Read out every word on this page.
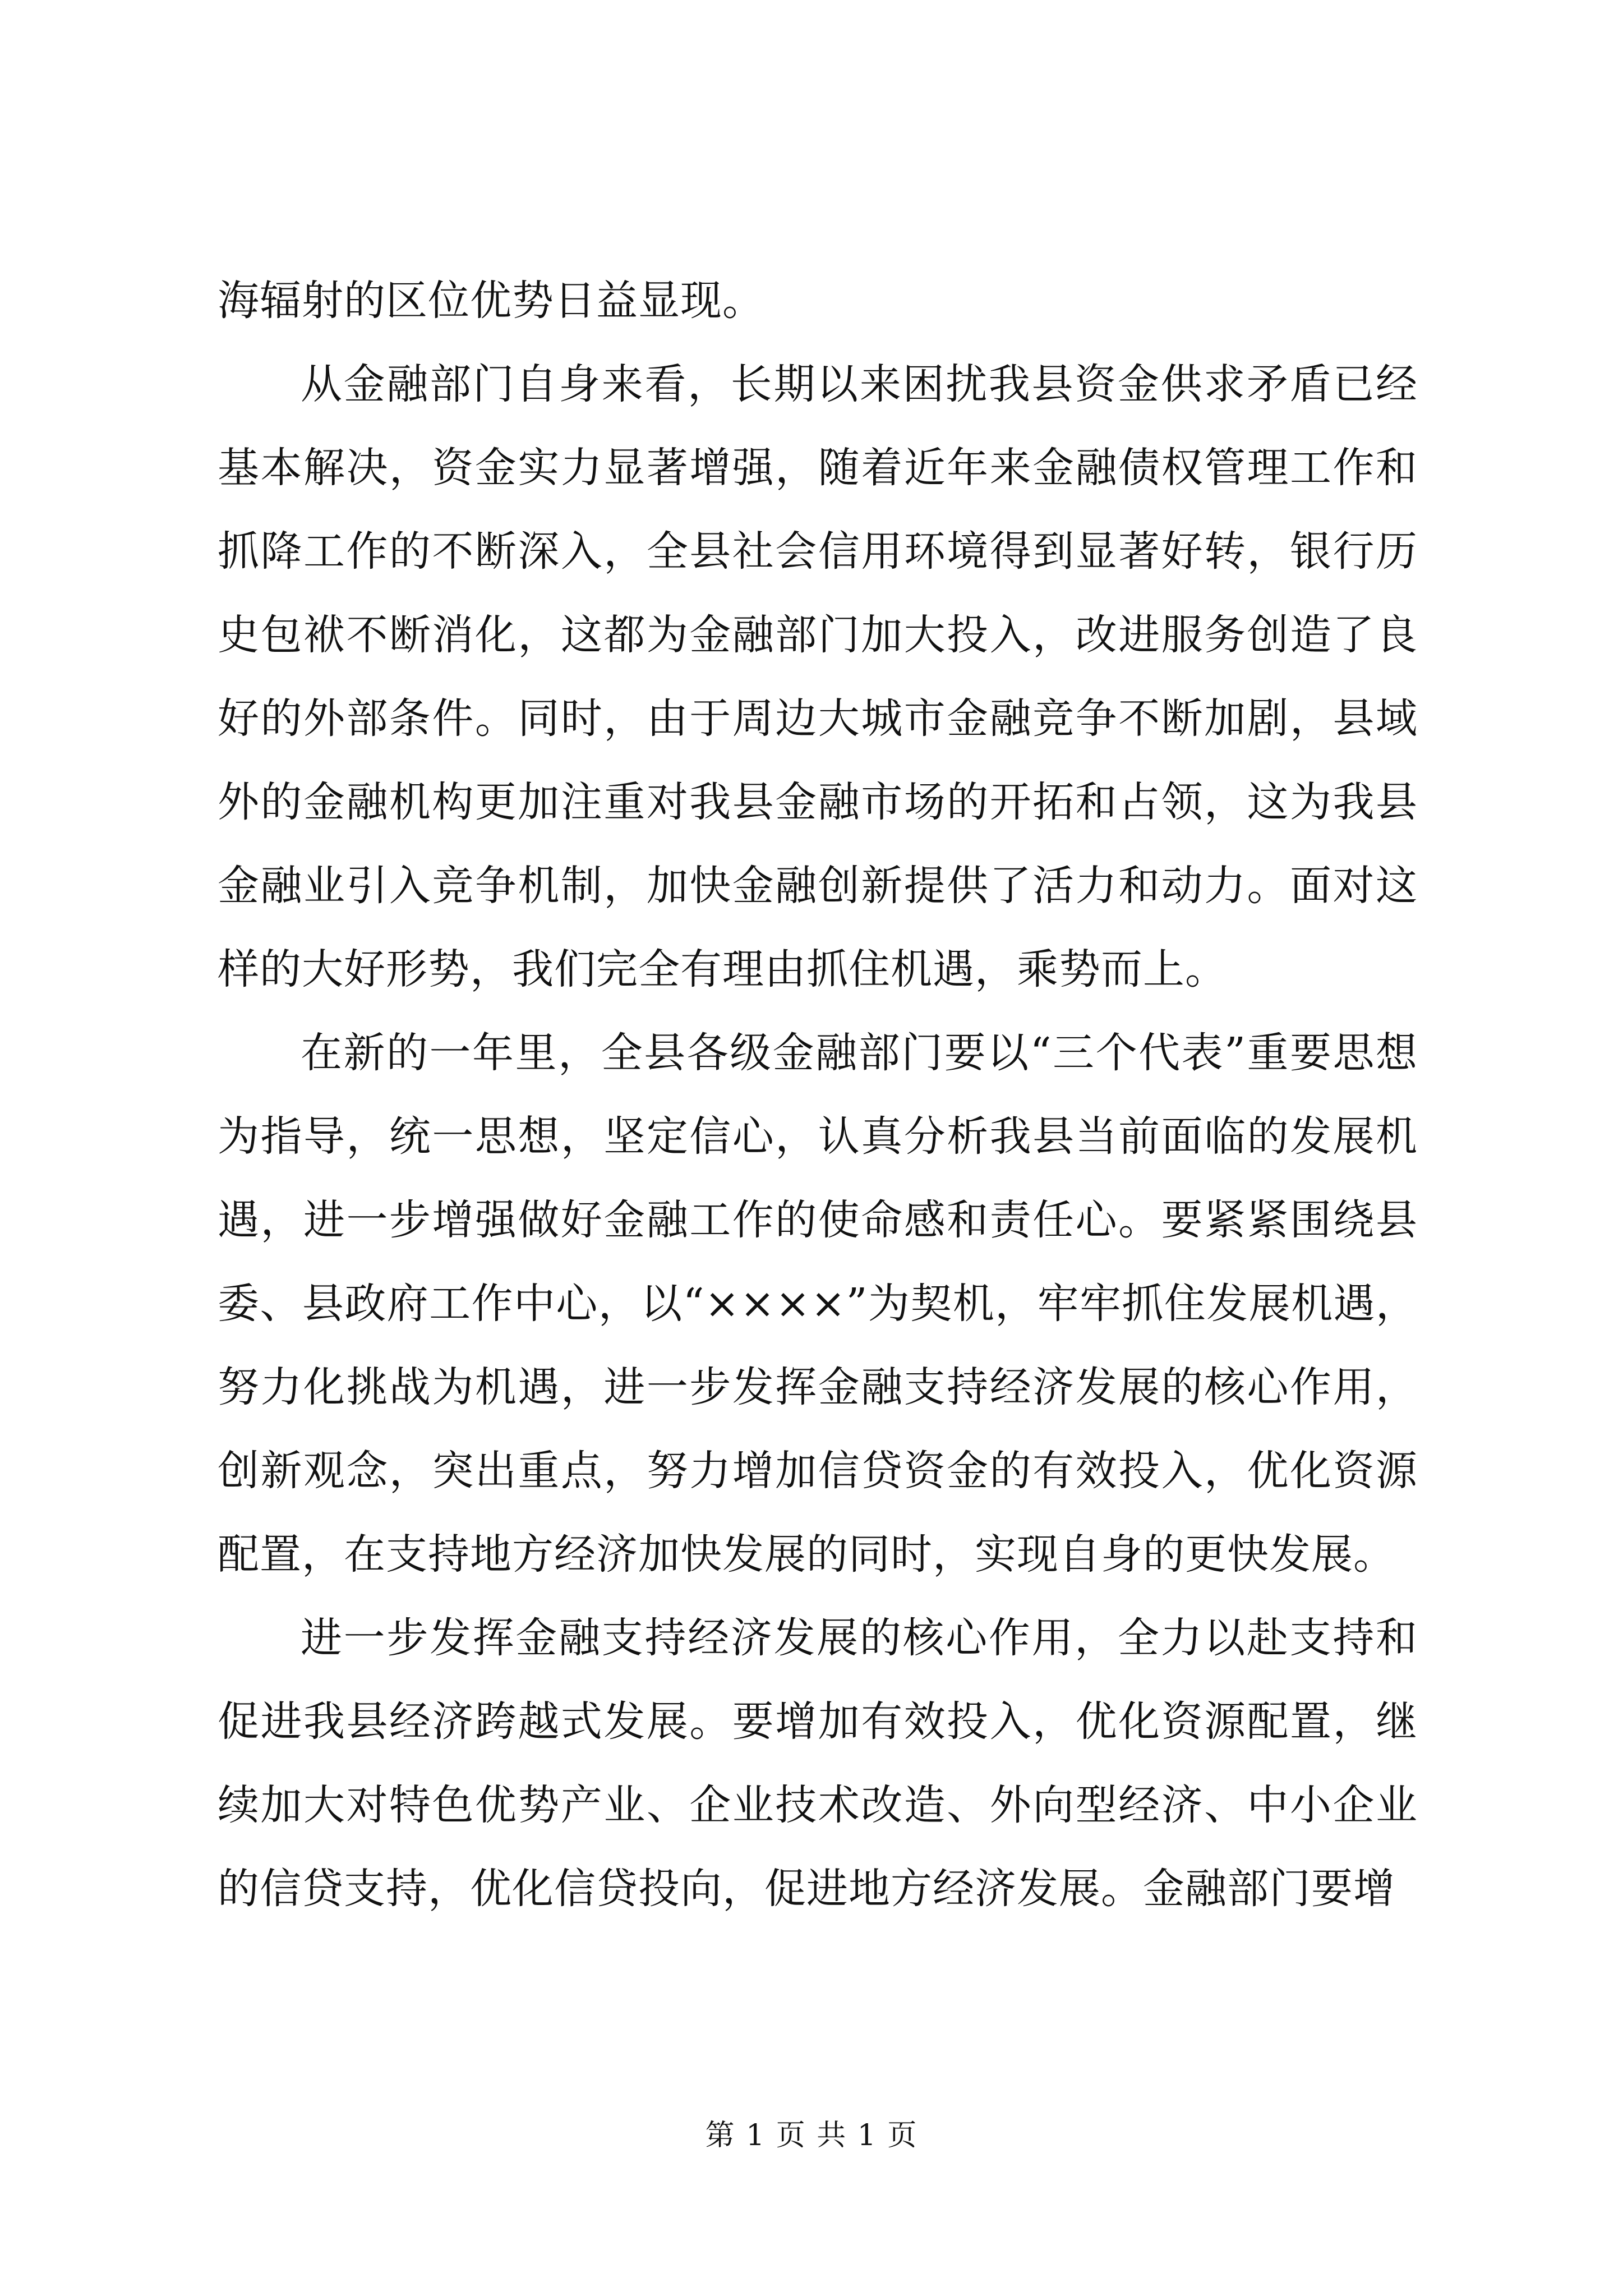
海辐射的区位优势日益显现。

从金融部门自身来看，长期以来困扰我县资金供求矛盾已经基本解决，资金实力显著增强，随着近年来金融债权管理工作和抓降工作的不断深入，全县社会信用环境得到显著好转，银行历史包袱不断消化，这都为金融部门加大投入，改进服务创造了良好的外部条件。同时，由于周边大城市金融竞争不断加剧，县域外的金融机构更加注重对我县金融市场的开拓和占领，这为我县金融业引入竞争机制，加快金融创新提供了活力和动力。面对这样的大好形势，我们完全有理由抓住机遇，乘势而上。

在新的一年里，全县各级金融部门要以“三个代表”重要思想为指导，统一思想，坚定信心，认真分析我县当前面临的发展机遇，进一步增强做好金融工作的使命感和责任心。要紧紧围绕县委、县政府工作中心，以“××××”为契机，牢牢抓住发展机遇，努力化挑战为机遇，进一步发挥金融支持经济发展的核心作用，创新观念，突出重点，努力增加信贷资金的有效投入，优化资源配置，在支持地方经济加快发展的同时，实现自身的更快发展。

进一步发挥金融支持经济发展的核心作用，全力以赴支持和促进我县经济跨越式发展。要增加有效投入，优化资源配置，继续加大对特色优势产业、企业技术改造、外向型经济、中小企业的信贷支持，优化信贷投向，促进地方经济发展。金融部门要增

第 1 页 共 1 页
